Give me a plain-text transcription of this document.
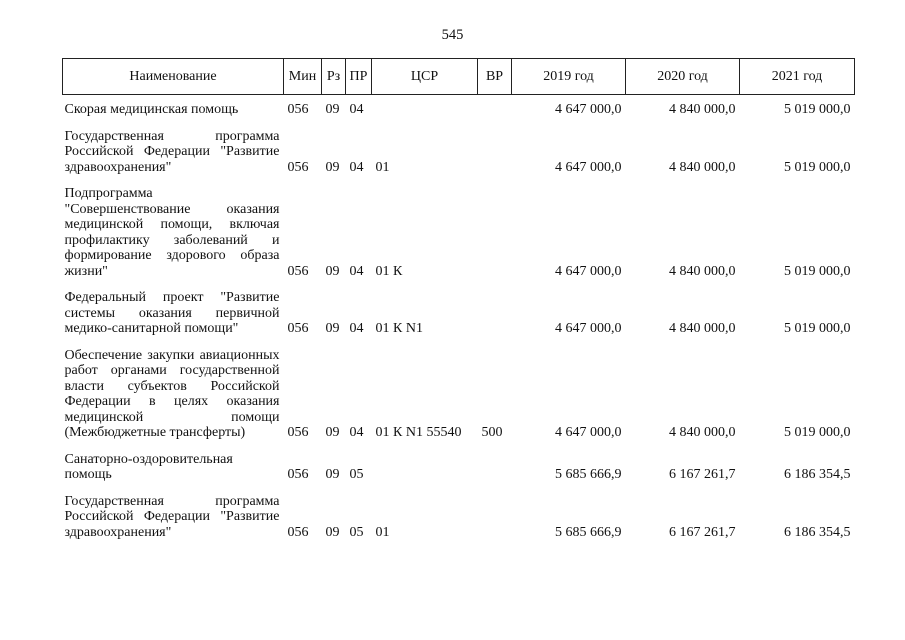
545
Наименование	Мин	Рз	ПР	ЦСР	ВР	2019 год	2020 год	2021 год
Скорая медицинская помощь	056	09	04			4 647 000,0	4 840 000,0	5 019 000,0

Государственная программа Российской Федерации "Развитие здравоохранения"	056	09	04	01		4 647 000,0	4 840 000,0	5 019 000,0

Подпрограмма "Совершенствование оказания медицинской помощи, включая профилактику заболеваний и формирование здорового образа жизни"	056	09	04	01 К		4 647 000,0	4 840 000,0	5 019 000,0

Федеральный проект "Развитие системы оказания первичной медико-санитарной помощи"	056	09	04	01 К N1		4 647 000,0	4 840 000,0	5 019 000,0

Обеспечение закупки авиационных работ органами государственной власти субъектов Российской Федерации в целях оказания медицинской помощи (Межбюджетные трансферты)	056	09	04	01 К N1 55540	500	4 647 000,0	4 840 000,0	5 019 000,0

Санаторно-оздоровительная помощь	056	09	05			5 685 666,9	6 167 261,7	6 186 354,5

Государственная программа Российской Федерации "Развитие здравоохранения"	056	09	05	01		5 685 666,9	6 167 261,7	6 186 354,5
